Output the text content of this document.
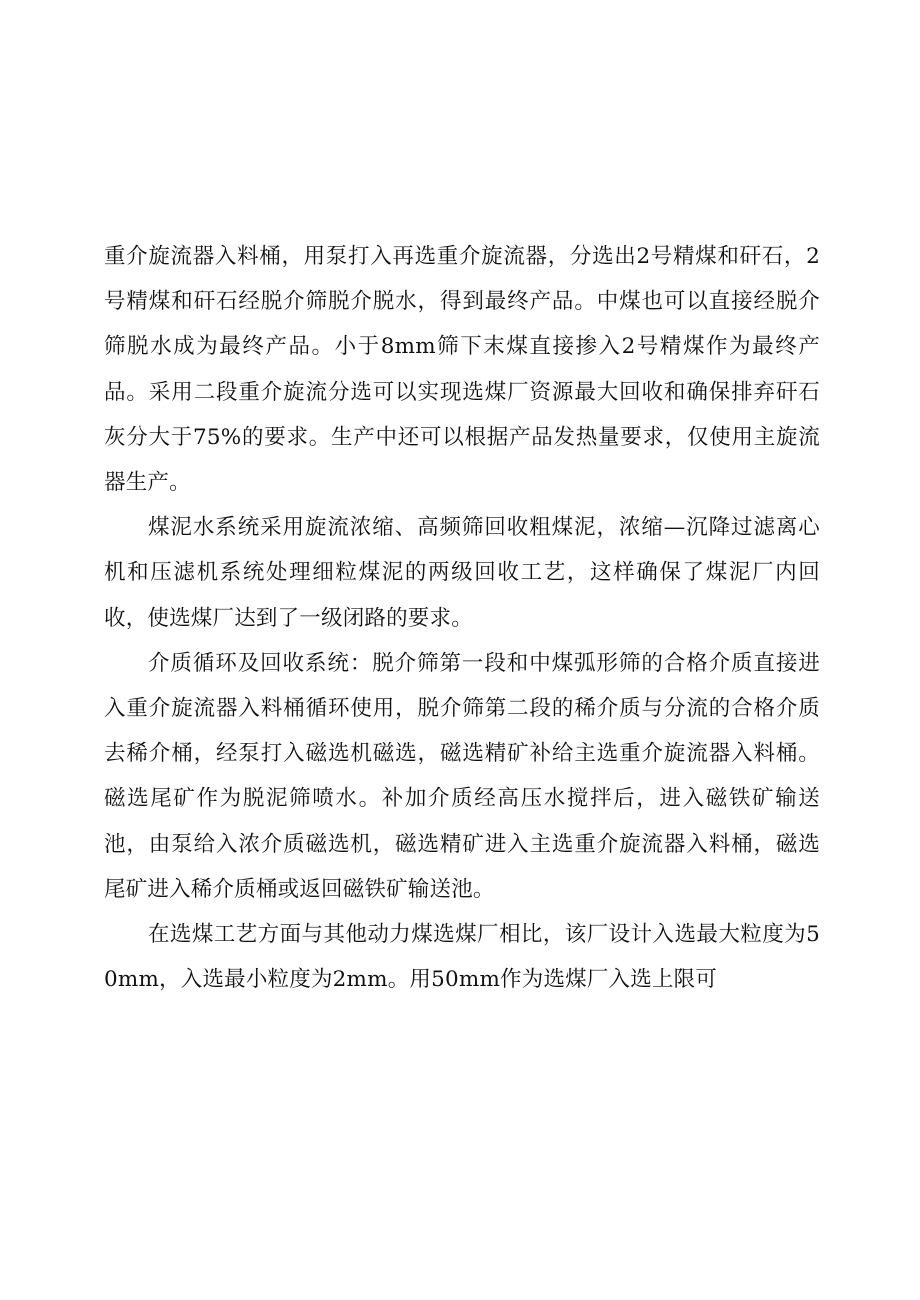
重介旋流器入料桶，用泵打入再选重介旋流器，分选出2号精煤和矸石，2号精煤和矸石经脱介筛脱介脱水，得到最终产品。中煤也可以直接经脱介筛脱水成为最终产品。小于8mm筛下末煤直接掺入2号精煤作为最终产品。采用二段重介旋流分选可以实现选煤厂资源最大回收和确保排弃矸石灰分大于75%的要求。生产中还可以根据产品发热量要求，仅使用主旋流器生产。

煤泥水系统采用旋流浓缩、高频筛回收粗煤泥，浓缩—沉降过滤离心机和压滤机系统处理细粒煤泥的两级回收工艺，这样确保了煤泥厂内回收，使选煤厂达到了一级闭路的要求。

介质循环及回收系统：脱介筛第一段和中煤弧形筛的合格介质直接进入重介旋流器入料桶循环使用，脱介筛第二段的稀介质与分流的合格介质去稀介桶，经泵打入磁选机磁选，磁选精矿补给主选重介旋流器入料桶。磁选尾矿作为脱泥筛喷水。补加介质经高压水搅拌后，进入磁铁矿输送池，由泵给入浓介质磁选机，磁选精矿进入主选重介旋流器入料桶，磁选尾矿进入稀介质桶或返回磁铁矿输送池。

在选煤工艺方面与其他动力煤选煤厂相比，该厂设计入选最大粒度为50mm，入选最小粒度为2mm。用50mm作为选煤厂入选上限可
